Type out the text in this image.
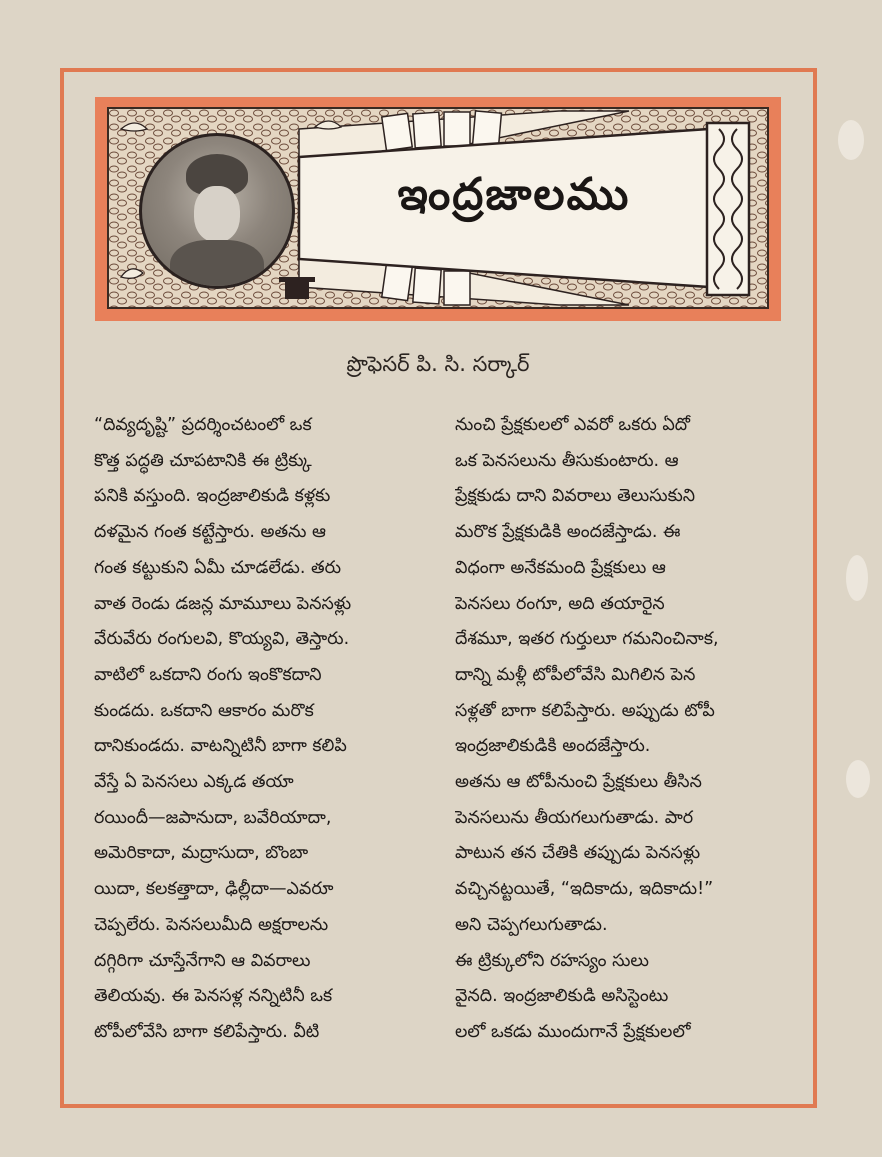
ఇంద్రజాలము
ప్రొఫెసర్ పి. సి. సర్కార్
“దివ్యదృష్టి” ప్రదర్శించటంలో ఒక
కొత్త పద్ధతి చూపటానికి ఈ ట్రిక్కు
పనికి వస్తుంది. ఇంద్రజాలికుడి కళ్లకు
దళమైన గంత కట్టేస్తారు. అతను ఆ
గంత కట్టుకుని ఏమీ చూడలేడు. తరు
వాత రెండు డజన్ల మామూలు పెనసళ్లు
వేరువేరు రంగులవి, కొయ్యవి, తెస్తారు.
వాటిలో ఒకదాని రంగు ఇంకొకదాని
కుండదు. ఒకదాని ఆకారం మరొక
దానికుండదు. వాటన్నిటినీ బాగా కలిపి
వేస్తే ఏ పెనసలు ఎక్కడ తయా
రయిందీ—జపానుదా, బవేరియాదా,
అమెరికాదా, మద్రాసుదా, బొంబా
యిదా, కలకత్తాదా, ఢిల్లీదా—ఎవరూ
చెప్పలేరు. పెనసలుమీది అక్షరాలను
దగ్గిరిగా చూస్తేనేగాని ఆ వివరాలు
తెలియవు. ఈ పెనసళ్ల నన్నిటినీ ఒక
టోపీలోవేసి బాగా కలిపేస్తారు. వీటి
నుంచి ప్రేక్షకులలో ఎవరో ఒకరు ఏదో
ఒక పెనసలును తీసుకుంటారు. ఆ
ప్రేక్షకుడు దాని వివరాలు తెలుసుకుని
మరొక ప్రేక్షకుడికి అందజేస్తాడు. ఈ
విధంగా అనేకమంది ప్రేక్షకులు ఆ
పెనసలు రంగూ, అది తయారైన
దేశమూ, ఇతర గుర్తులూ గమనించినాక,
దాన్ని మళ్లీ టోపీలోవేసి మిగిలిన పెన
సళ్లతో బాగా కలిపేస్తారు. అప్పుడు టోపీ
ఇంద్రజాలికుడికి అందజేస్తారు.
అతను ఆ టోపీనుంచి ప్రేక్షకులు తీసిన
పెనసలును తీయగలుగుతాడు. పార
పాటున తన చేతికి తప్పుడు పెనసళ్లు
వచ్చినట్టయితే, “ఇదికాదు, ఇదికాదు!”
అని చెప్పగలుగుతాడు.
ఈ ట్రిక్కులోని రహస్యం సులు
వైనది. ఇంద్రజాలికుడి అసిస్టెంటు
లలో ఒకడు ముందుగానే ప్రేక్షకులలో
